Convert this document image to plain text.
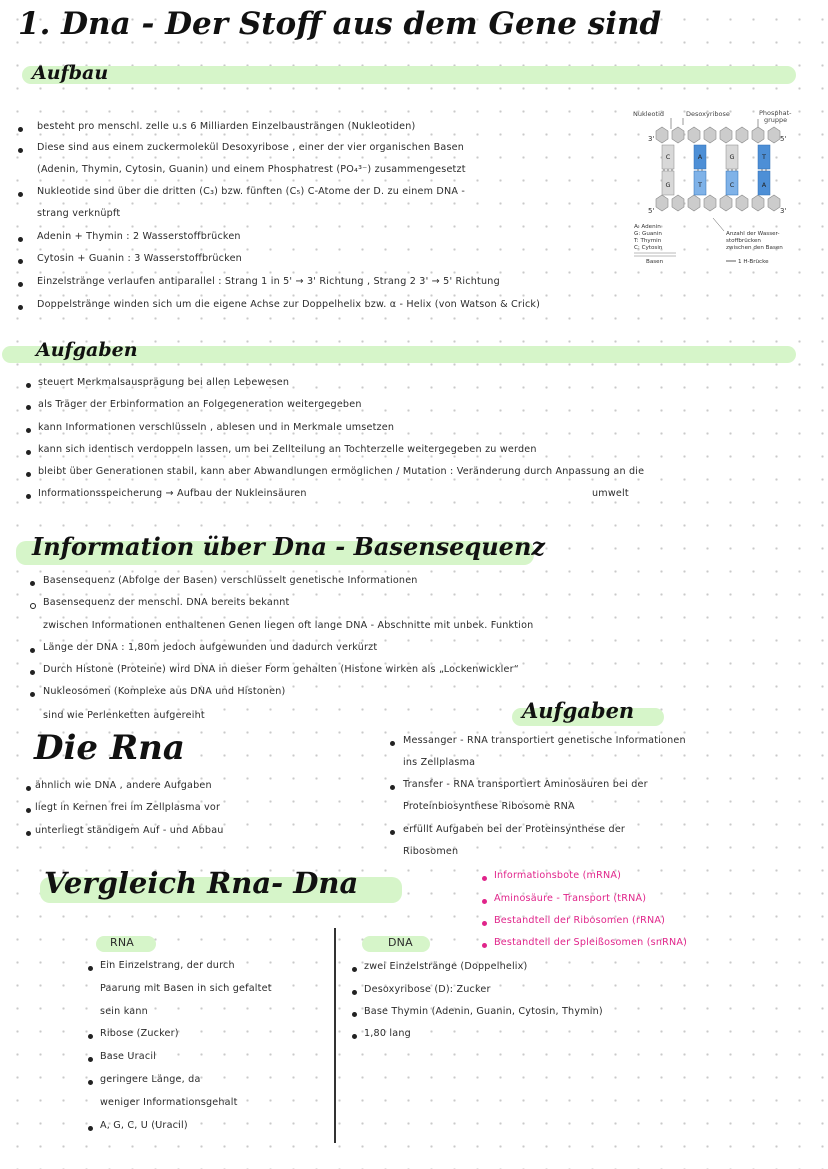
1. Dna - Der Stoff aus dem Gene sind
Aufbau
besteht pro menschl. zelle u.s 6 Milliarden Einzelbausträngen (Nukleotiden)
Diese sind aus einem zuckermolekül Desoxyribose , einer der vier organischen Basen
(Adenin, Thymin, Cytosin, Guanin) und einem Phosphatrest (PO₄³⁻) zusammengesetzt
Nukleotide sind über die dritten (C₃) bzw. fünften (C₅) C-Atome der D. zu einem DNA -
strang verknüpft
Adenin + Thymin : 2 Wasserstoffbrücken
Cytosin + Guanin : 3 Wasserstoffbrücken
Einzelstränge verlaufen antiparallel : Strang 1 in 5' → 3' Richtung , Strang 2 3' → 5' Richtung
Doppelstränge winden sich um die eigene Achse zur Doppelhelix bzw. α - Helix (von Watson & Crick)
Nukleotid	Desoxyribose	Phosphat- gruppe
3'	5'
5'	3'
C	A	G	T
G	T	C	A
A: Adenin
G: Guanin
T: Thymin
C: Cytosin
Basen
Anzahl der Wasser- stoffbrücken zwischen den Basen
1 H-Brücke
Aufgaben
steuert Merkmalsausprägung bei allen Lebewesen
als Träger der Erbinformation an Folgegeneration weitergegeben
kann Informationen verschlüsseln , ablesen und in Merkmale umsetzen
kann sich identisch verdoppeln lassen, um bei Zellteilung an Tochterzelle weitergegeben zu werden
bleibt über Generationen stabil, kann aber Abwandlungen ermöglichen / Mutation : Veränderung durch Anpassung an die
Informationsspeicherung → Aufbau der Nukleinsäuren	umwelt
Information über Dna - Basensequenz
Basensequenz (Abfolge der Basen) verschlüsselt genetische Informationen
Basensequenz der menschl. DNA bereits bekannt
zwischen Informationen enthaltenen Genen liegen oft lange DNA - Abschnitte mit unbek. Funktion
Länge der DNA : 1,80m jedoch aufgewunden und dadurch verkürzt
Durch Histone (Proteine) wird DNA in dieser Form gehalten (Histone wirken als „Lockenwickler“
Nukleosomen (Komplexe aus DNA und Histonen)
sind wie Perlenketten aufgereiht
Die Rna
ähnlich wie DNA , andere Aufgaben
liegt in Kernen frei im Zellplasma vor
unterliegt ständigem Auf - und Abbau
Aufgaben
Messanger - RNA transportiert genetische Informationen
ins Zellplasma
Transfer - RNA transportiert Aminosäuren bei der
Proteinbiosynthese Ribosome RNA
erfüllt Aufgaben bei der Proteinsynthese der
Ribosomen
Informationsbote (mRNA)
Aminosäure - Transport (tRNA)
Bestandteil der Ribosomen (rRNA)
Bestandteil der Spleißosomen (snRNA)
Vergleich Rna- Dna
RNA	DNA
Ein Einzelstrang, der durch
Paarung mit Basen in sich gefaltet
sein kann
Ribose (Zucker)
Base Uracil
geringere Länge, da
weniger Informationsgehalt
A, G, C, U (Uracil)
zwei Einzelstränge (Doppelhelix)
Desoxyribose (D): Zucker
Base Thymin (Adenin, Guanin, Cytosin, Thymin)
1,80 lang
